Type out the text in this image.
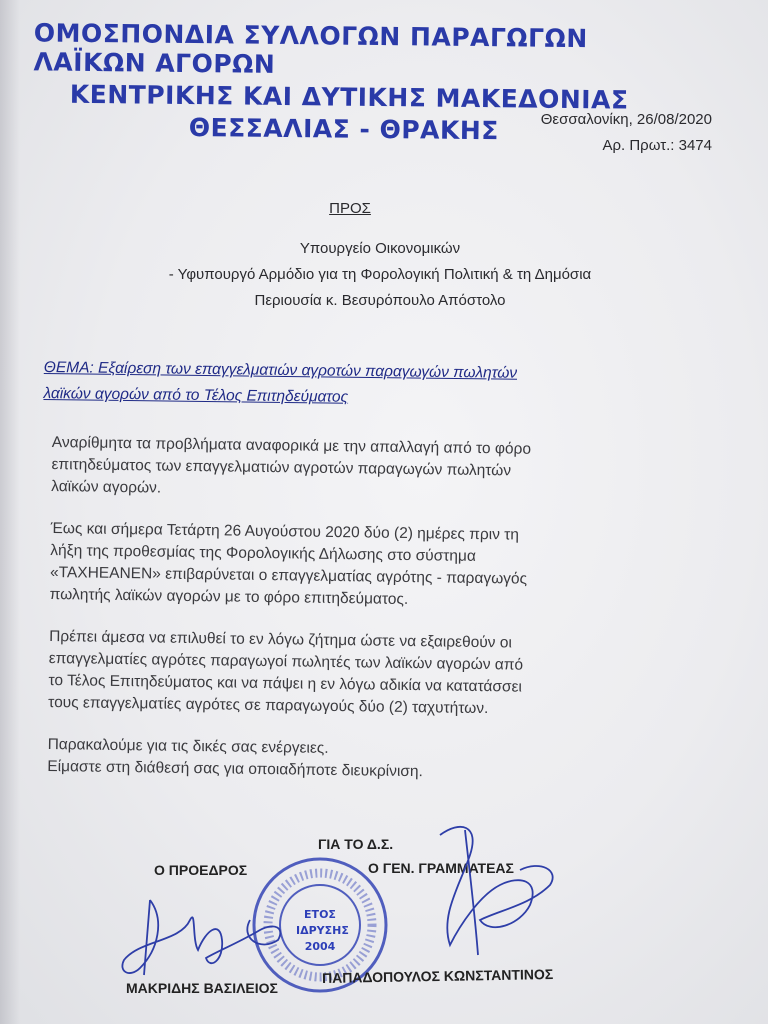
ΟΜΟΣΠΟΝΔΙΑ ΣΥΛΛΟΓΩΝ ΠΑΡΑΓΩΓΩΝ ΛΑΪΚΩΝ ΑΓΟΡΩΝ
ΚΕΝΤΡΙΚΗΣ ΚΑΙ ΔΥΤΙΚΗΣ ΜΑΚΕΔΟΝΙΑΣ
ΘΕΣΣΑΛΙΑΣ - ΘΡΑΚΗΣ	Θεσσαλονίκη, 26/08/2020
Αρ. Πρωτ.: 3474
ΠΡΟΣ
Υπουργείο Οικονομικών
- Υφυπουργό Αρμόδιο για τη Φορολογική Πολιτική & τη Δημόσια
Περιουσία κ. Βεσυρόπουλο Απόστολο
ΘΕΜΑ: Εξαίρεση των επαγγελματιών αγροτών παραγωγών πωλητών
λαϊκών αγορών από το Τέλος Επιτηδεύματος

Αναρίθμητα τα προβλήματα αναφορικά με την απαλλαγή από το φόρο
επιτηδεύματος των επαγγελματιών αγροτών παραγωγών πωλητών
λαϊκών αγορών.

Έως και σήμερα Τετάρτη 26 Αυγούστου 2020 δύο (2) ημέρες πριν τη
λήξη της προθεσμίας της Φορολογικής Δήλωσης στο σύστημα
«ΤΑΧΗΕΑΝΕΝ» επιβαρύνεται ο επαγγελματίας αγρότης - παραγωγός
πωλητής λαϊκών αγορών με το φόρο επιτηδεύματος.

Πρέπει άμεσα να επιλυθεί το εν λόγω ζήτημα ώστε να εξαιρεθούν οι
επαγγελματίες αγρότες παραγωγοί πωλητές των λαϊκών αγορών από
το Τέλος Επιτηδεύματος και να πάψει η εν λόγω αδικία να κατατάσσει
τους επαγγελματίες αγρότες σε παραγωγούς δύο (2) ταχυτήτων.

Παρακαλούμε για τις δικές σας ενέργειες.
Είμαστε στη διάθεσή σας για οποιαδήποτε διευκρίνιση.

ΓΙΑ ΤΟ Δ.Σ.
Ο ΠΡΟΕΔΡΟΣ	Ο ΓΕΝ. ΓΡΑΜΜΑΤΕΑΣ
ΕΤΟΣ
ΙΔΡΥΣΗΣ
2004
ΜΑΚΡΙΔΗΣ ΒΑΣΙΛΕΙΟΣ
ΠΑΠΑΔΟΠΟΥΛΟΣ ΚΩΝΣΤΑΝΤΙΝΟΣ
